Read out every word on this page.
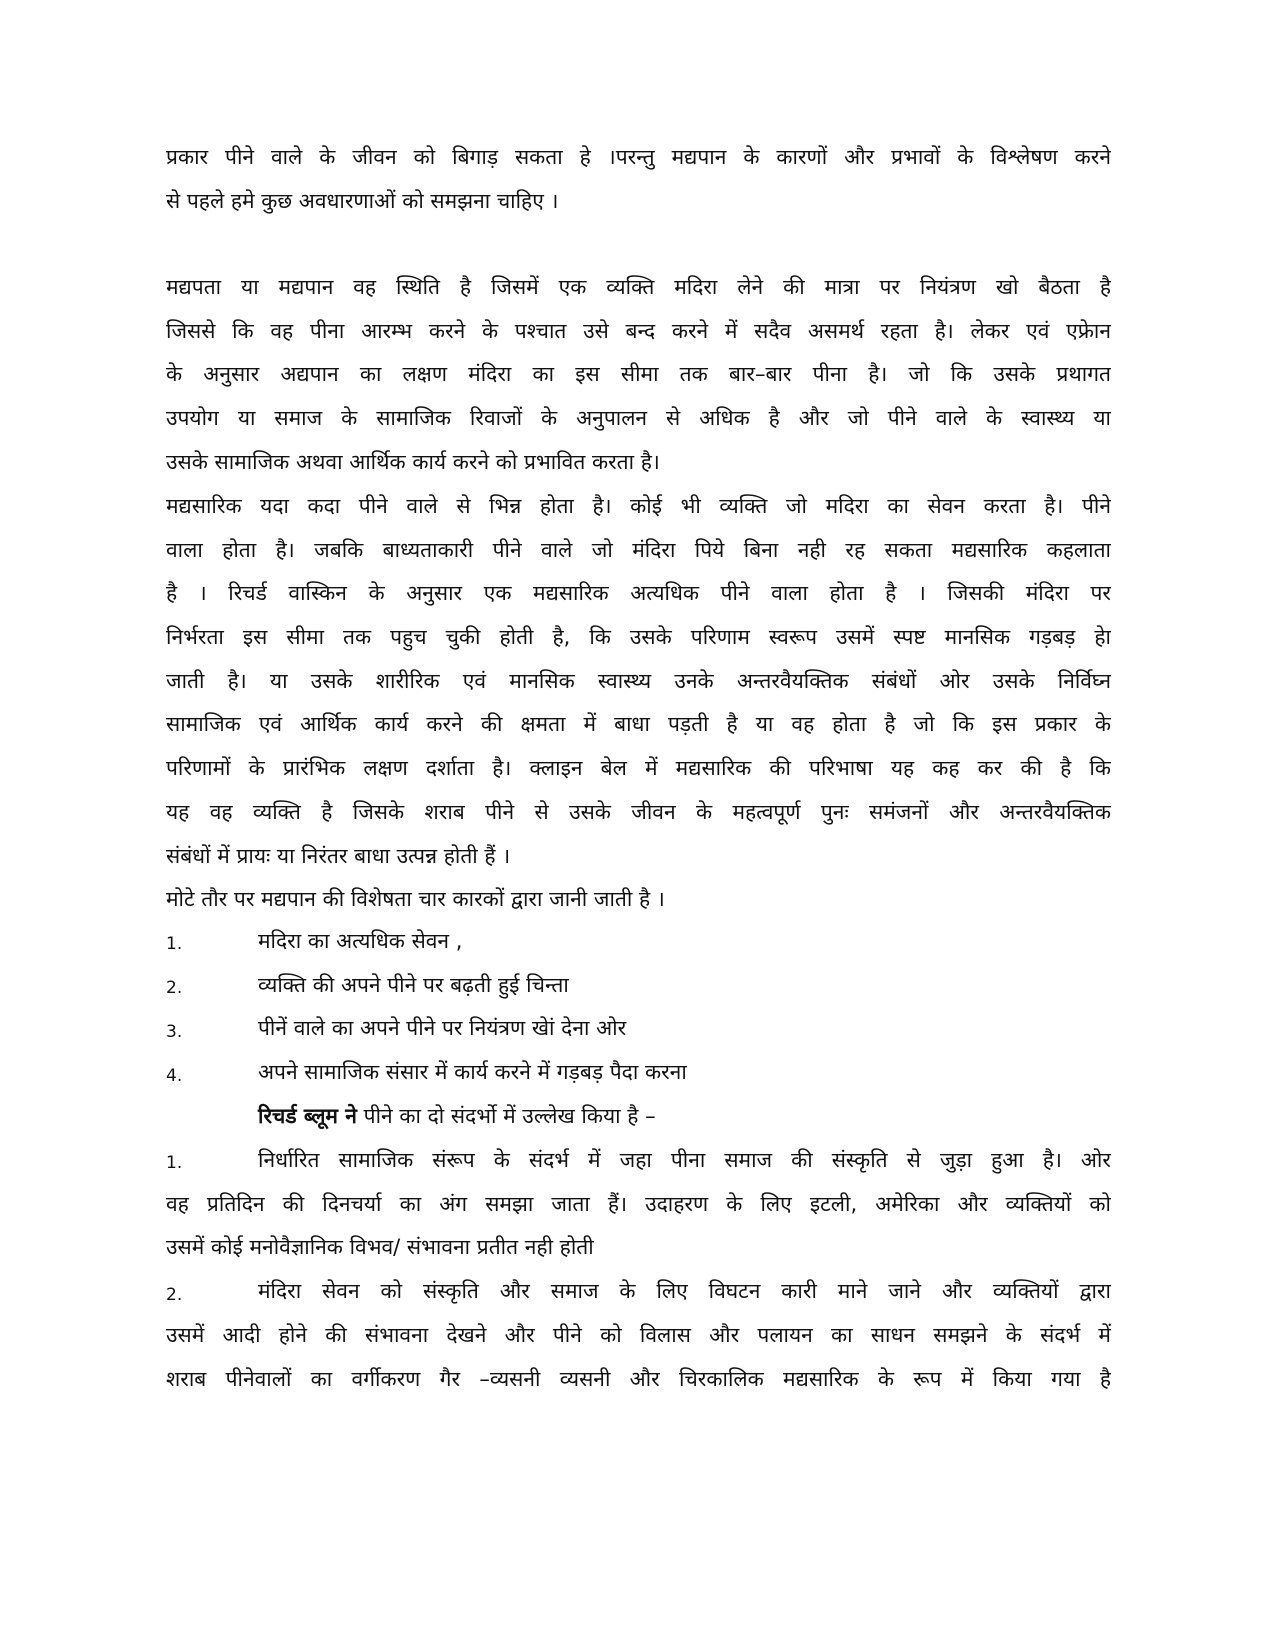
प्रकार पीने वाले के जीवन को बिगाड़ सकता हे ।परन्तु मद्यपान के कारणों और प्रभावों के विश्लेषण करने
से पहले हमे कुछ अवधारणाओं को समझना चाहिए ।
मद्यपता या मद्यपान वह स्थिति है जिसमें एक व्यक्ति मदिरा लेने की मात्रा पर नियंत्रण खो बैठता है
जिससे कि वह पीना आरम्भ करने के पश्चात उसे बन्द करने में सदैव असमर्थ रहता है। लेकर एवं एफ्रेान
के अनुसार अद्यपान का लक्षण मंदिरा का इस सीमा तक बार–बार पीना है। जो कि उसके प्रथागत
उपयोग या समाज के सामाजिक रिवाजों के अनुपालन से अधिक है और जो पीने वाले के स्वास्थ्य या
उसके सामाजिक अथवा आर्थिक कार्य करने को प्रभावित करता है।
मद्यसारिक यदा कदा पीने वाले से भिन्न होता है। कोई भी व्यक्ति जो मदिरा का सेवन करता है। पीने
वाला होता है। जबकि बाध्यताकारी पीने वाले जो मंदिरा पिये बिना नही रह सकता मद्यसारिक कहलाता
है । रिचर्ड वास्किन के अनुसार एक मद्यसारिक अत्यधिक पीने वाला होता है । जिसकी मंदिरा पर
निर्भरता इस सीमा तक पहुच चुकी होती है, कि उसके परिणाम स्वरूप उसमें स्पष्ट मानसिक गड़बड़ हेा
जाती है। या उसके शारीरिक एवं मानसिक स्वास्थ्य उनके अन्तरवैयक्तिक संबंधों ओर उसके निर्विघ्न
सामाजिक एवं आर्थिक कार्य करने की क्षमता में बाधा पड़ती है या वह होता है जो कि इस प्रकार के
परिणामों के प्रारंभिक लक्षण दर्शाता है। क्लाइन बेल में मद्यसारिक की परिभाषा यह कह कर की है कि
यह वह व्यक्ति है जिसके शराब पीने से उसके जीवन के महत्वपूर्ण पुनः समंजनों और अन्तरवैयक्तिक
संबंधों में प्रायः या निरंतर बाधा उत्पन्न होती हैं ।
मोटे तौर पर मद्यपान की विशेषता चार कारकों द्वारा जानी जाती है ।
1.	मदिरा का अत्यधिक सेवन ,
2.	व्यक्ति की अपने पीने पर बढ़ती हुई चिन्ता
3.	पीनें वाले का अपने पीने पर नियंत्रण खेां देना ओर
4.	अपने सामाजिक संसार में कार्य करने में गड़बड़ पैदा करना
रिचर्ड ब्लूम ने पीने का दो संदर्भो में उल्लेख किया है –
1.	निर्धारित सामाजिक संरूप के संदर्भ में जहा पीना समाज की संस्कृति से जुड़ा हुआ है। ओर
वह प्रतिदिन की दिनचर्या का अंग समझा जाता हैं। उदाहरण के लिए इटली, अमेरिका और व्यक्तियों को
उसमें कोई मनोवैज्ञानिक विभव/ संभावना प्रतीत नही होती
2.	मंदिरा सेवन को संस्कृति और समाज के लिए विघटन कारी माने जाने और व्यक्तियों द्वारा
उसमें आदी होने की संभावना देखने और पीने को विलास और पलायन का साधन समझने के संदर्भ में
शराब पीनेवालों का वर्गीकरण गैर –व्यसनी व्यसनी और चिरकालिक मद्यसारिक के रूप में किया गया है
